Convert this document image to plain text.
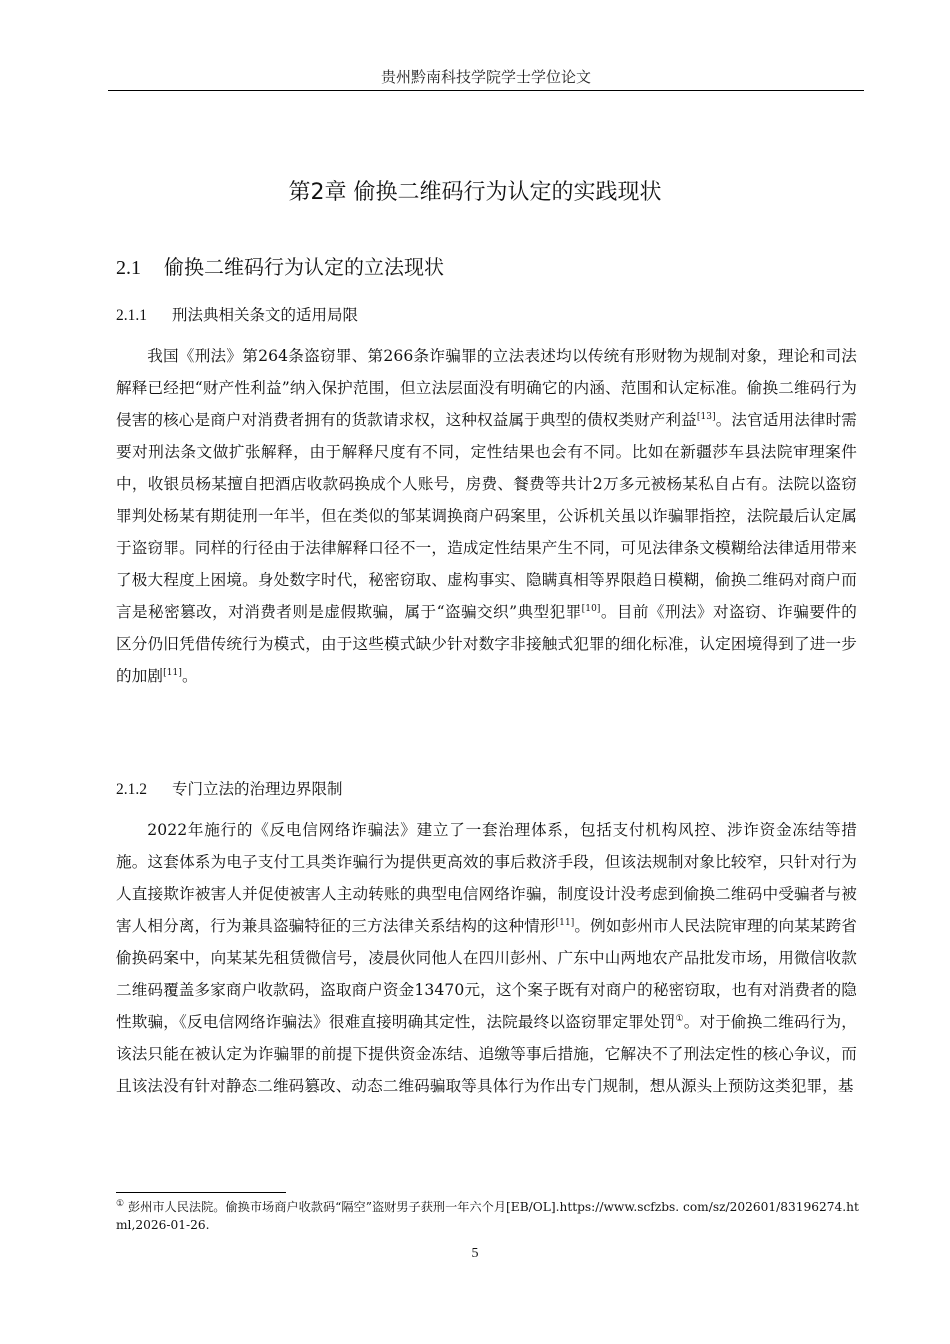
贵州黔南科技学院学士学位论文
第2章 偷换二维码行为认定的实践现状
2.1 偷换二维码行为认定的立法现状
2.1.1 刑法典相关条文的适用局限

我国《刑法》第264条盗窃罪、第266条诈骗罪的立法表述均以传统有形财物为规制对象，理论和司法解释已经把“财产性利益”纳入保护范围，但立法层面没有明确它的内涵、范围和认定标准。偷换二维码行为侵害的核心是商户对消费者拥有的货款请求权，这种权益属于典型的债权类财产利益[13]。法官适用法律时需要对刑法条文做扩张解释，由于解释尺度有不同，定性结果也会有不同。比如在新疆莎车县法院审理案件中，收银员杨某擅自把酒店收款码换成个人账号，房费、餐费等共计2万多元被杨某私自占有。法院以盗窃罪判处杨某有期徒刑一年半，但在类似的邹某调换商户码案里，公诉机关虽以诈骗罪指控，法院最后认定属于盗窃罪。同样的行径由于法律解释口径不一，造成定性结果产生不同，可见法律条文模糊给法律适用带来了极大程度上困境。身处数字时代，秘密窃取、虚构事实、隐瞒真相等界限趋日模糊，偷换二维码对商户而言是秘密篡改，对消费者则是虚假欺骗，属于“盗骗交织”典型犯罪[10]。目前《刑法》对盗窃、诈骗要件的区分仍旧凭借传统行为模式，由于这些模式缺少针对数字非接触式犯罪的细化标准，认定困境得到了进一步的加剧[11]。

2.1.2 专门立法的治理边界限制

2022年施行的《反电信网络诈骗法》建立了一套治理体系，包括支付机构风控、涉诈资金冻结等措施。这套体系为电子支付工具类诈骗行为提供更高效的事后救济手段，但该法规制对象比较窄，只针对行为人直接欺诈被害人并促使被害人主动转账的典型电信网络诈骗，制度设计没考虑到偷换二维码中受骗者与被害人相分离，行为兼具盗骗特征的三方法律关系结构的这种情形[11]。例如彭州市人民法院审理的向某某跨省偷换码案中，向某某先租赁微信号，凌晨伙同他人在四川彭州、广东中山两地农产品批发市场，用微信收款二维码覆盖多家商户收款码，盗取商户资金13470元，这个案子既有对商户的秘密窃取，也有对消费者的隐性欺骗，《反电信网络诈骗法》很难直接明确其定性，法院最终以盗窃罪定罪处罚①。对于偷换二维码行为，该法只能在被认定为诈骗罪的前提下提供资金冻结、追缴等事后措施，它解决不了刑法定性的核心争议，而且该法没有针对静态二维码篡改、动态二维码骗取等具体行为作出专门规制，想从源头上预防这类犯罪，基

① 彭州市人民法院。偷换市场商户收款码“隔空”盗财男子获刑一年六个月[EB/OL].https://www.scfzbs. com/sz/202601/83196274.html,2026-01-26.
5
